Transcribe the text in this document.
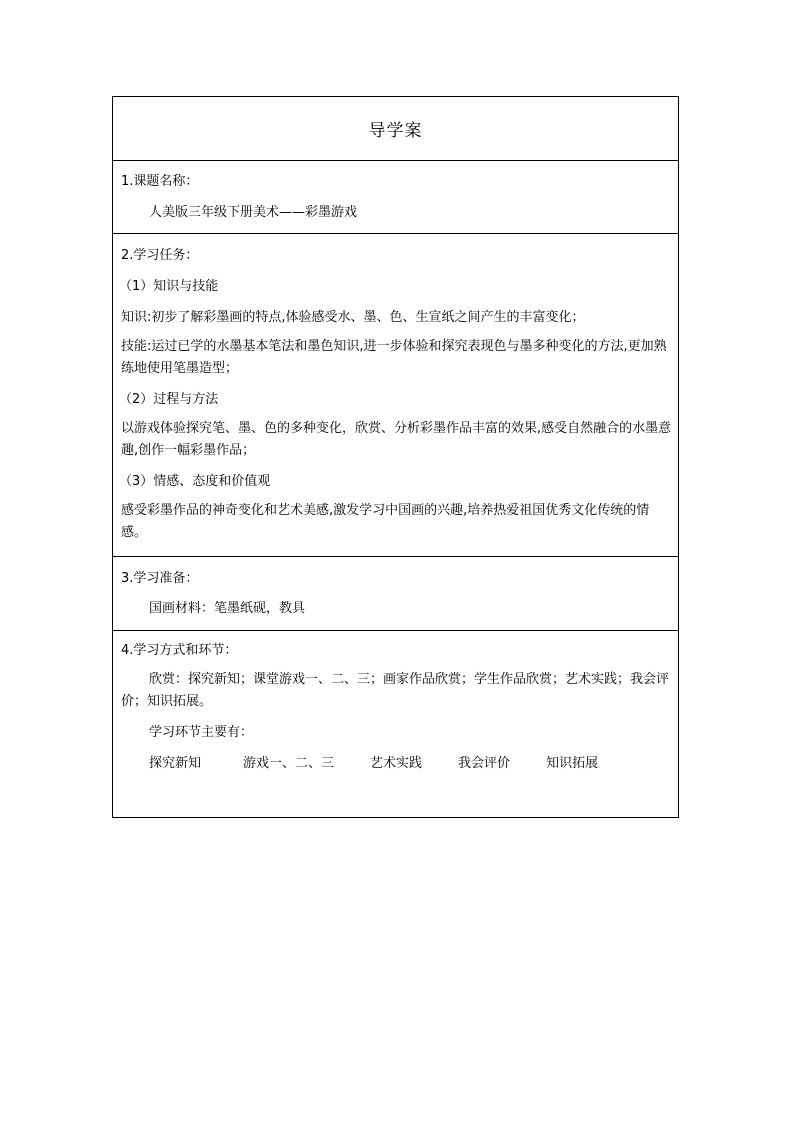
导学案
1.课题名称：
人美版三年级下册美术——彩墨游戏
2.学习任务：
（1）知识与技能
知识:初步了解彩墨画的特点,体验感受水、墨、色、生宣纸之间产生的丰富变化；
技能:运过已学的水墨基本笔法和墨色知识,进一步体验和探究表现色与墨多种变化的方法,更加熟练地使用笔墨造型；
（2）过程与方法
以游戏体验探究笔、墨、色的多种变化，欣赏、分析彩墨作品丰富的效果,感受自然融合的水墨意趣,创作一幅彩墨作品；
（3）情感、态度和价值观
感受彩墨作品的神奇变化和艺术美感,激发学习中国画的兴趣,培养热爱祖国优秀文化传统的情感。
3.学习准备：
国画材料：笔墨纸砚，教具
4.学习方式和环节：
欣赏：探究新知；课堂游戏一、二、三；画家作品欣赏；学生作品欣赏；艺术实践；我会评价；知识拓展。
学习环节主要有：
探究新知	游戏一、二、三	艺术实践	我会评价	知识拓展
